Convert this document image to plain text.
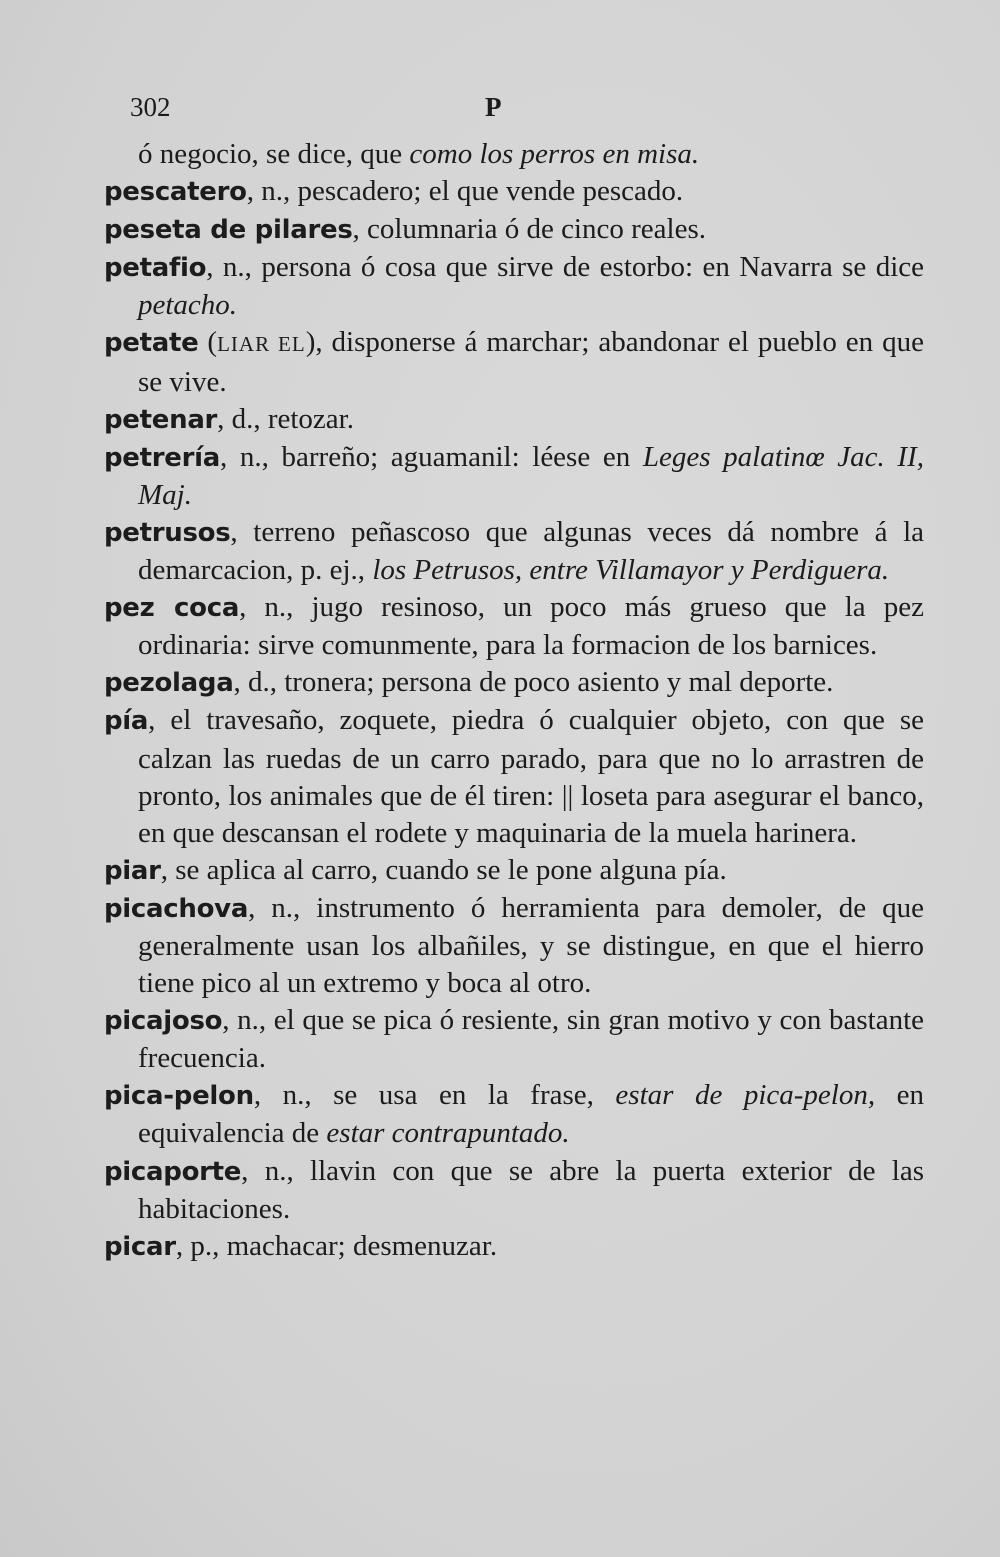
302	P

ó negocio, se dice, que como los perros en misa.

pescatero, n., pescadero; el que vende pescado.

peseta de pilares, columnaria ó de cinco reales.

petafio, n., persona ó cosa que sirve de estorbo: en Navarra se dice petacho.

petate (LIAR EL), disponerse á marchar; abandonar el pueblo en que se vive.

petenar, d., retozar.

petrería, n., barreño; aguamanil: léese en Leges palatinœ Jac. II, Maj.

petrusos, terreno peñascoso que algunas veces dá nombre á la demarcacion, p. ej., los Petrusos, entre Villamayor y Perdiguera.

pez coca, n., jugo resinoso, un poco más grueso que la pez ordinaria: sirve comunmente, para la formacion de los barnices.

pezolaga, d., tronera; persona de poco asiento y mal deporte.

pía, el travesaño, zoquete, piedra ó cualquier objeto, con que se calzan las ruedas de un carro parado, para que no lo arrastren de pronto, los animales que de él tiren: || loseta para asegurar el banco, en que descansan el rodete y maquinaria de la muela harinera.

piar, se aplica al carro, cuando se le pone alguna pía.

picachova, n., instrumento ó herramienta para demoler, de que generalmente usan los albañiles, y se distingue, en que el hierro tiene pico al un extremo y boca al otro.

picajoso, n., el que se pica ó resiente, sin gran motivo y con bastante frecuencia.

pica-pelon, n., se usa en la frase, estar de pica-pelon, en equivalencia de estar contrapuntado.

picaporte, n., llavin con que se abre la puerta exterior de las habitaciones.

picar, p., machacar; desmenuzar.
